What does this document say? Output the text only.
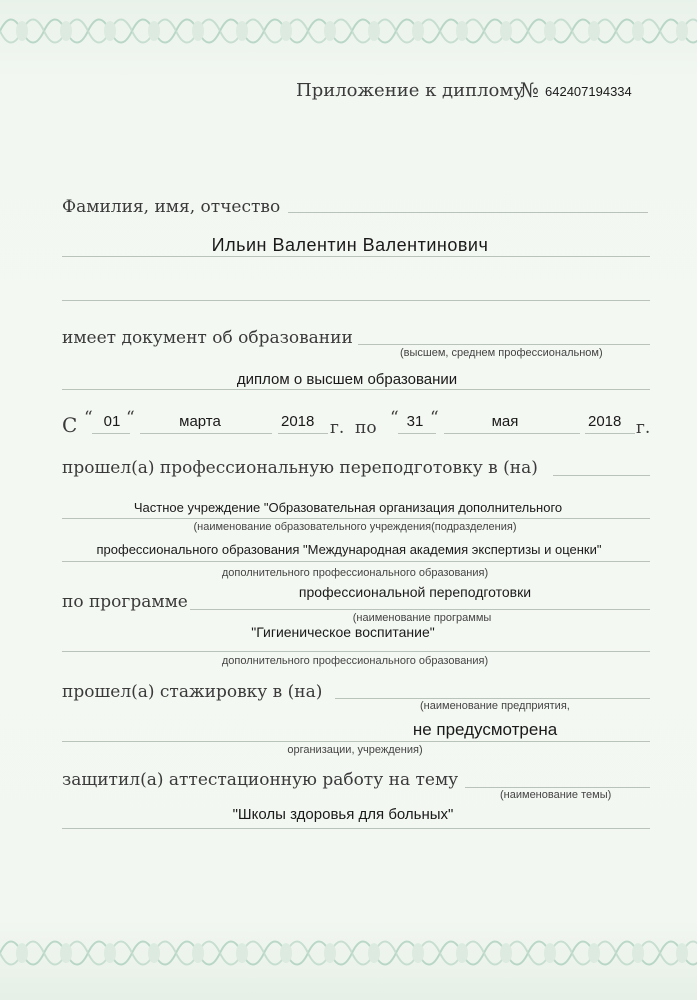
Приложение к диплому
№ 642407194334
Фамилия, имя, отчество
Ильин Валентин Валентинович
имеет документ об образовании
(высшем, среднем профессиональном)
диплом о высшем образовании
С “ 01 “	марта	2018 г. по “ 31 “	мая	2018 г.
прошел(а) профессиональную переподготовку в (на)
Частное учреждение "Образовательная организация дополнительного
(наименование образовательного учреждения(подразделения)
профессионального образования "Международная академия экспертизы и оценки"
дополнительного профессионального образования)
по программе	профессиональной переподготовки
(наименование программы
"Гигиеническое воспитание"
дополнительного профессионального образования)
прошел(а) стажировку в (на)
(наименование предприятия,
не предусмотрена
организации, учреждения)
защитил(а) аттестационную работу на тему
(наименование темы)
"Школы здоровья для больных"
